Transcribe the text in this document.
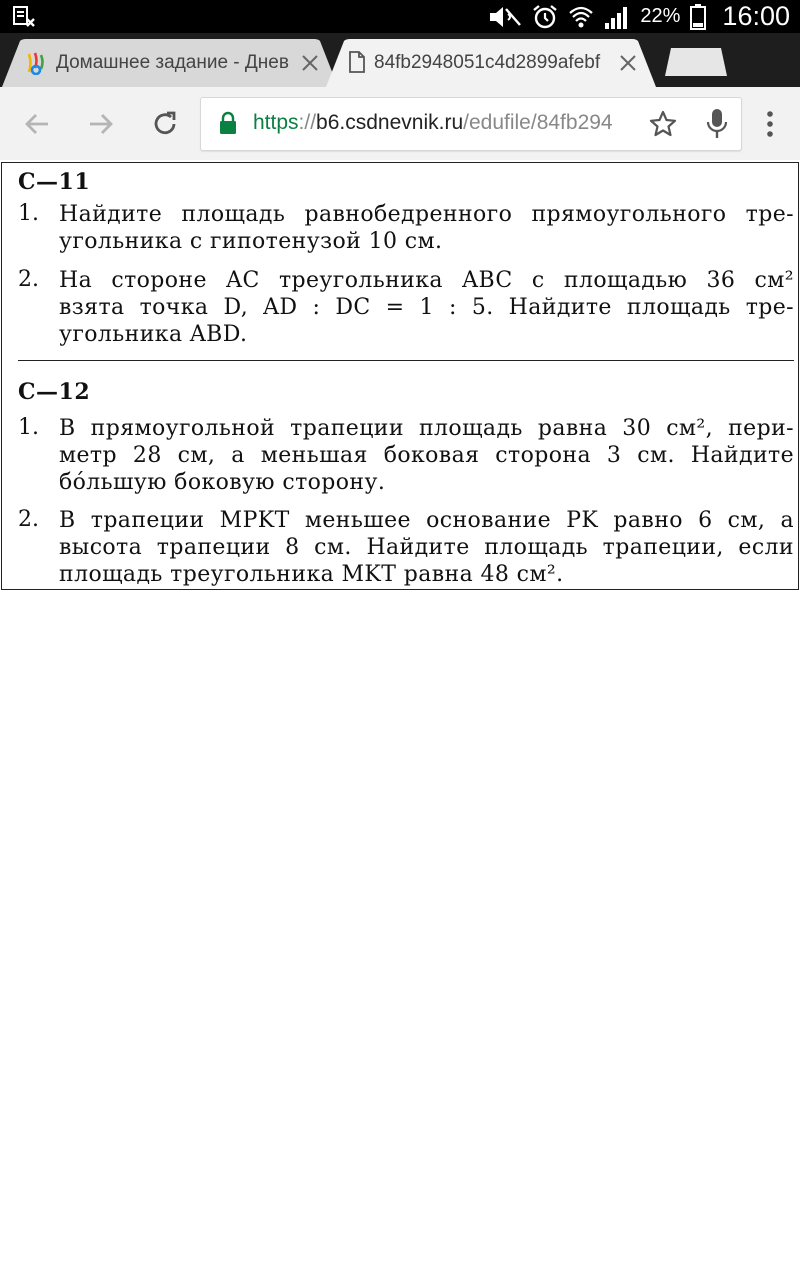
22% 16:00
Домашнее задание - Днев	84fb2948051c4d2899afebf
https://b6.csdnevnik.ru/edufile/84fb294
С—11
1. Найдите площадь равнобедренного прямоугольного тре-
угольника с гипотенузой 10 см.
2. На стороне AC треугольника ABC с площадью 36 см²
взята точка D, AD : DC = 1 : 5. Найдите площадь тре-
угольника ABD.
С—12
1. В прямоугольной трапеции площадь равна 30 см², пери-
метр 28 см, а меньшая боковая сторона 3 см. Найдите
бóльшую боковую сторону.
2. В трапеции MPKT меньшее основание PK равно 6 см, а
высота трапеции 8 см. Найдите площадь трапеции, если
площадь треугольника MKT равна 48 см².
